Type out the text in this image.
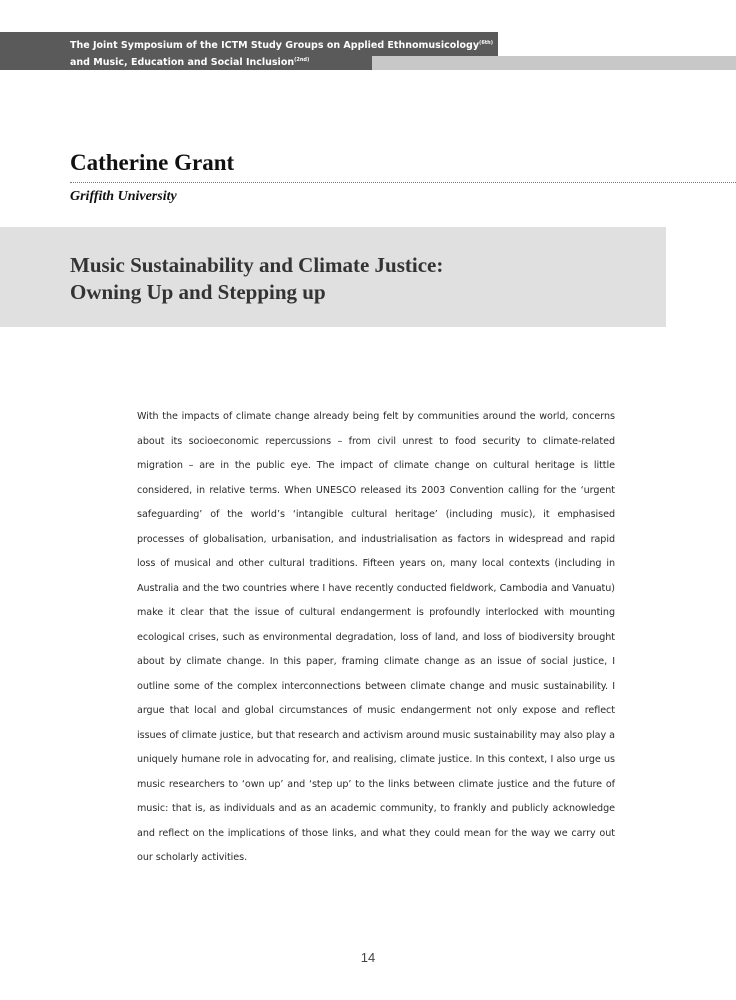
The Joint Symposium of the ICTM Study Groups on Applied Ethnomusicology$^{(6th)}$
and Music, Education and Social Inclusion$^{(2nd)}$
Catherine Grant
Griffith University
Music Sustainability and Climate Justice:
Owning Up and Stepping up
With the impacts of climate change already being felt by communities around the world, concerns about its socioeconomic repercussions – from civil unrest to food security to climate-related migration – are in the public eye. The impact of climate change on cultural heritage is little considered, in relative terms. When UNESCO released its 2003 Convention calling for the ‘urgent safeguarding’ of the world’s ‘intangible cultural heritage’ (including music), it emphasised processes of globalisation, urbanisation, and industrialisation as factors in widespread and rapid loss of musical and other cultural traditions. Fifteen years on, many local contexts (including in Australia and the two countries where I have recently conducted fieldwork, Cambodia and Vanuatu) make it clear that the issue of cultural endangerment is profoundly interlocked with mounting ecological crises, such as environmental degradation, loss of land, and loss of biodiversity brought about by climate change. In this paper, framing climate change as an issue of social justice, I outline some of the complex interconnections between climate change and music sustainability. I argue that local and global circumstances of music endangerment not only expose and reflect issues of climate justice, but that research and activism around music sustainability may also play a uniquely humane role in advocating for, and realising, climate justice. In this context, I also urge us music researchers to ‘own up’ and ‘step up’ to the links between climate justice and the future of music: that is, as individuals and as an academic community, to frankly and publicly acknowledge and reflect on the implications of those links, and what they could mean for the way we carry out our scholarly activities.
14
